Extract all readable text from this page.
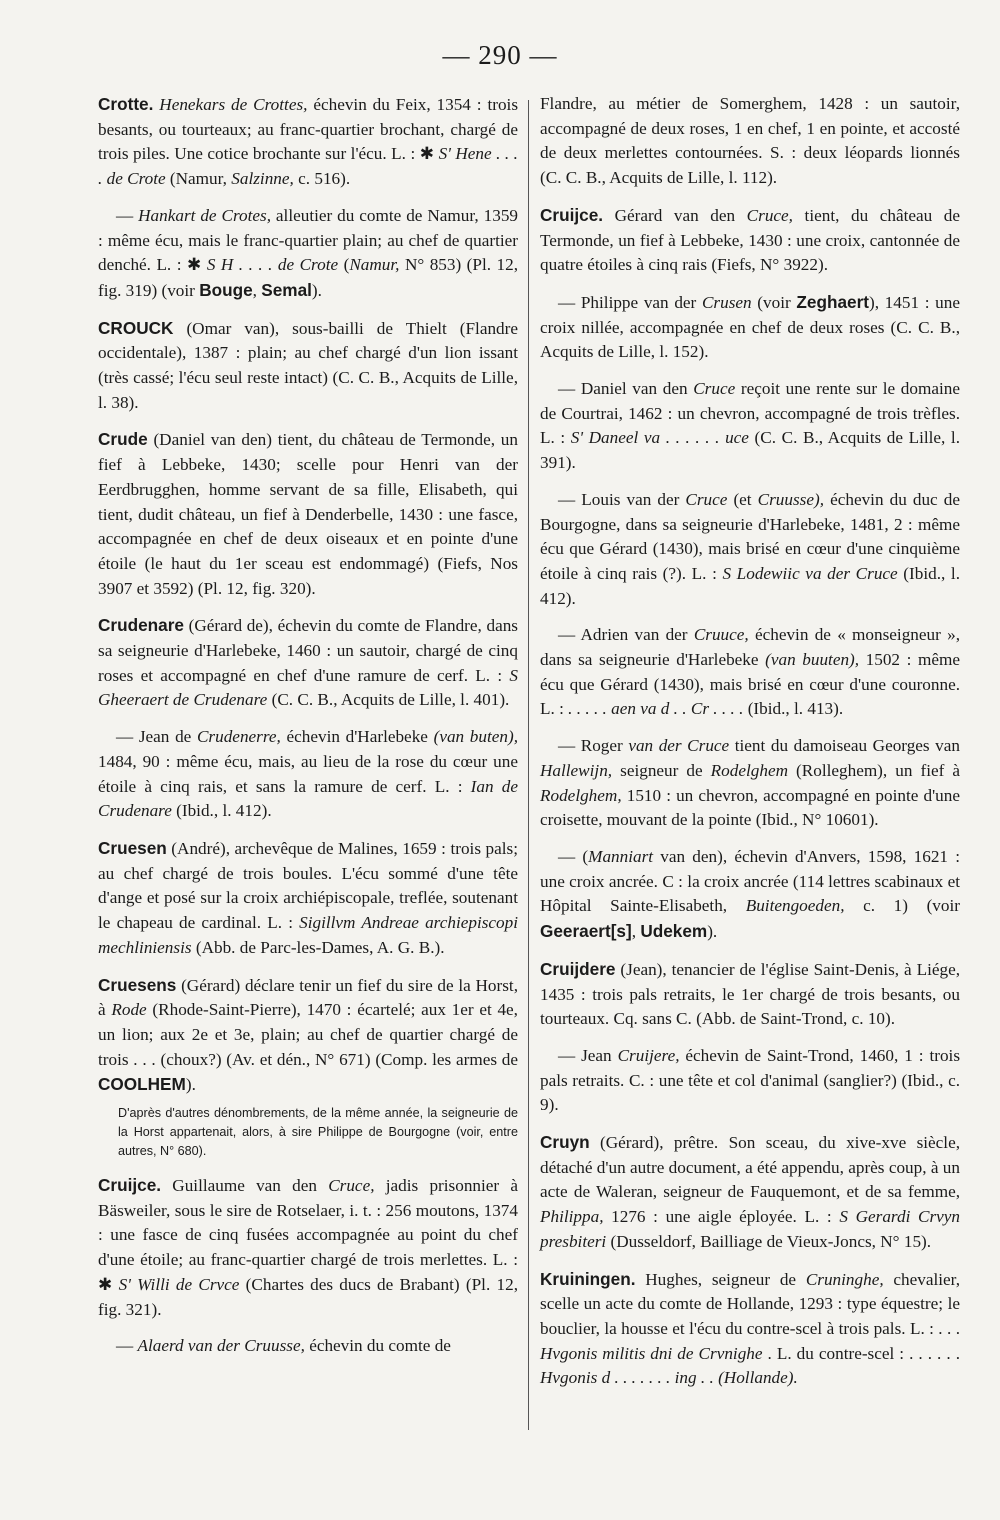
— 290 —

Crotte. Henekars de Crottes, échevin du Feix, 1354 : trois besants, ou tourteaux; au franc-quartier brochant, chargé de trois piles. Une cotice brochante sur l'écu. L. : ✱ S' Hene . . . . de Crote (Namur, Salzinne, c. 516).

— Hankart de Crotes, alleutier du comte de Namur, 1359 : même écu, mais le franc-quartier plain; au chef de quartier denché. L. : ✱ S H . . . . de Crote (Namur, N° 853) (Pl. 12, fig. 319) (voir Bouge, Semal).

CROUCK (Omar van), sous-bailli de Thielt (Flandre occidentale), 1387 : plain; au chef chargé d'un lion issant (très cassé; l'écu seul reste intact) (C. C. B., Acquits de Lille, l. 38).

Crude (Daniel van den) tient, du château de Termonde, un fief à Lebbeke, 1430; scelle pour Henri van der Eerdbrugghen, homme servant de sa fille, Elisabeth, qui tient, dudit château, un fief à Denderbelle, 1430 : une fasce, accompagnée en chef de deux oiseaux et en pointe d'une étoile (le haut du 1er sceau est endommagé) (Fiefs, Nos 3907 et 3592) (Pl. 12, fig. 320).

Crudenare (Gérard de), échevin du comte de Flandre, dans sa seigneurie d'Harlebeke, 1460 : un sautoir, chargé de cinq roses et accompagné en chef d'une ramure de cerf. L. : S Gheeraert de Crudenare (C. C. B., Acquits de Lille, l. 401).

— Jean de Crudenerre, échevin d'Harlebeke (van buten), 1484, 90 : même écu, mais, au lieu de la rose du cœur une étoile à cinq rais, et sans la ramure de cerf. L. : Ian de Crudenare (Ibid., l. 412).

Cruesen (André), archevêque de Malines, 1659 : trois pals; au chef chargé de trois boules. L'écu sommé d'une tête d'ange et posé sur la croix archiépiscopale, treflée, soutenant le chapeau de cardinal. L. : Sigillvm Andreae archiepiscopi mechliniensis (Abb. de Parc-les-Dames, A. G. B.).

Cruesens (Gérard) déclare tenir un fief du sire de la Horst, à Rode (Rhode-Saint-Pierre), 1470 : écartelé; aux 1er et 4e, un lion; aux 2e et 3e, plain; au chef de quartier chargé de trois . . . (choux?) (Av. et dén., N° 671) (Comp. les armes de COOLHEM).

D'après d'autres dénombrements, de la même année, la seigneurie de la Horst appartenait, alors, à sire Philippe de Bourgogne (voir, entre autres, N° 680).

Cruijce. Guillaume van den Cruce, jadis prisonnier à Bäsweiler, sous le sire de Rotselaer, i. t. : 256 moutons, 1374 : une fasce de cinq fusées accompagnée au point du chef d'une étoile; au franc-quartier chargé de trois merlettes. L. : ✱ S' Willi de Crvce (Chartes des ducs de Brabant) (Pl. 12, fig. 321).

— Alaerd van der Cruusse, échevin du comte de

Flandre, au métier de Somerghem, 1428 : un sautoir, accompagné de deux roses, 1 en chef, 1 en pointe, et accosté de deux merlettes contournées. S. : deux léopards lionnés (C. C. B., Acquits de Lille, l. 112).

Cruijce. Gérard van den Cruce, tient, du château de Termonde, un fief à Lebbeke, 1430 : une croix, cantonnée de quatre étoiles à cinq rais (Fiefs, N° 3922).

— Philippe van der Crusen (voir Zeghaert), 1451 : une croix nillée, accompagnée en chef de deux roses (C. C. B., Acquits de Lille, l. 152).

— Daniel van den Cruce reçoit une rente sur le domaine de Courtrai, 1462 : un chevron, accompagné de trois trèfles. L. : S' Daneel va . . . . . . uce (C. C. B., Acquits de Lille, l. 391).

— Louis van der Cruce (et Cruusse), échevin du duc de Bourgogne, dans sa seigneurie d'Harlebeke, 1481, 2 : même écu que Gérard (1430), mais brisé en cœur d'une cinquième étoile à cinq rais (?). L. : S Lodewiic va der Cruce (Ibid., l. 412).

— Adrien van der Cruuce, échevin de « monseigneur », dans sa seigneurie d'Harlebeke (van buuten), 1502 : même écu que Gérard (1430), mais brisé en cœur d'une couronne. L. : . . . . . aen va d . . Cr . . . . (Ibid., l. 413).

— Roger van der Cruce tient du damoiseau Georges van Hallewijn, seigneur de Rodelghem (Rolleghem), un fief à Rodelghem, 1510 : un chevron, accompagné en pointe d'une croisette, mouvant de la pointe (Ibid., N° 10601).

— (Manniart van den), échevin d'Anvers, 1598, 1621 : une croix ancrée. C : la croix ancrée (114 lettres scabinaux et Hôpital Sainte-Elisabeth, Buitengoeden, c. 1) (voir Geeraert[s], Udekem).

Cruijdere (Jean), tenancier de l'église Saint-Denis, à Liége, 1435 : trois pals retraits, le 1er chargé de trois besants, ou tourteaux. Cq. sans C. (Abb. de Saint-Trond, c. 10).

— Jean Cruijere, échevin de Saint-Trond, 1460, 1 : trois pals retraits. C. : une tête et col d'animal (sanglier?) (Ibid., c. 9).

Cruyn (Gérard), prêtre. Son sceau, du xive-xve siècle, détaché d'un autre document, a été appendu, après coup, à un acte de Waleran, seigneur de Fauquemont, et de sa femme, Philippa, 1276 : une aigle éployée. L. : S Gerardi Crvyn presbiteri (Dusseldorf, Bailliage de Vieux-Joncs, N° 15).

Kruiningen. Hughes, seigneur de Cruninghe, chevalier, scelle un acte du comte de Hollande, 1293 : type équestre; le bouclier, la housse et l'écu du contre-scel à trois pals. L. : . . . Hvgonis militis dni de Crvnighe . L. du contre-scel : . . . . . . Hvgonis d . . . . . . . ing . . (Hollande).
